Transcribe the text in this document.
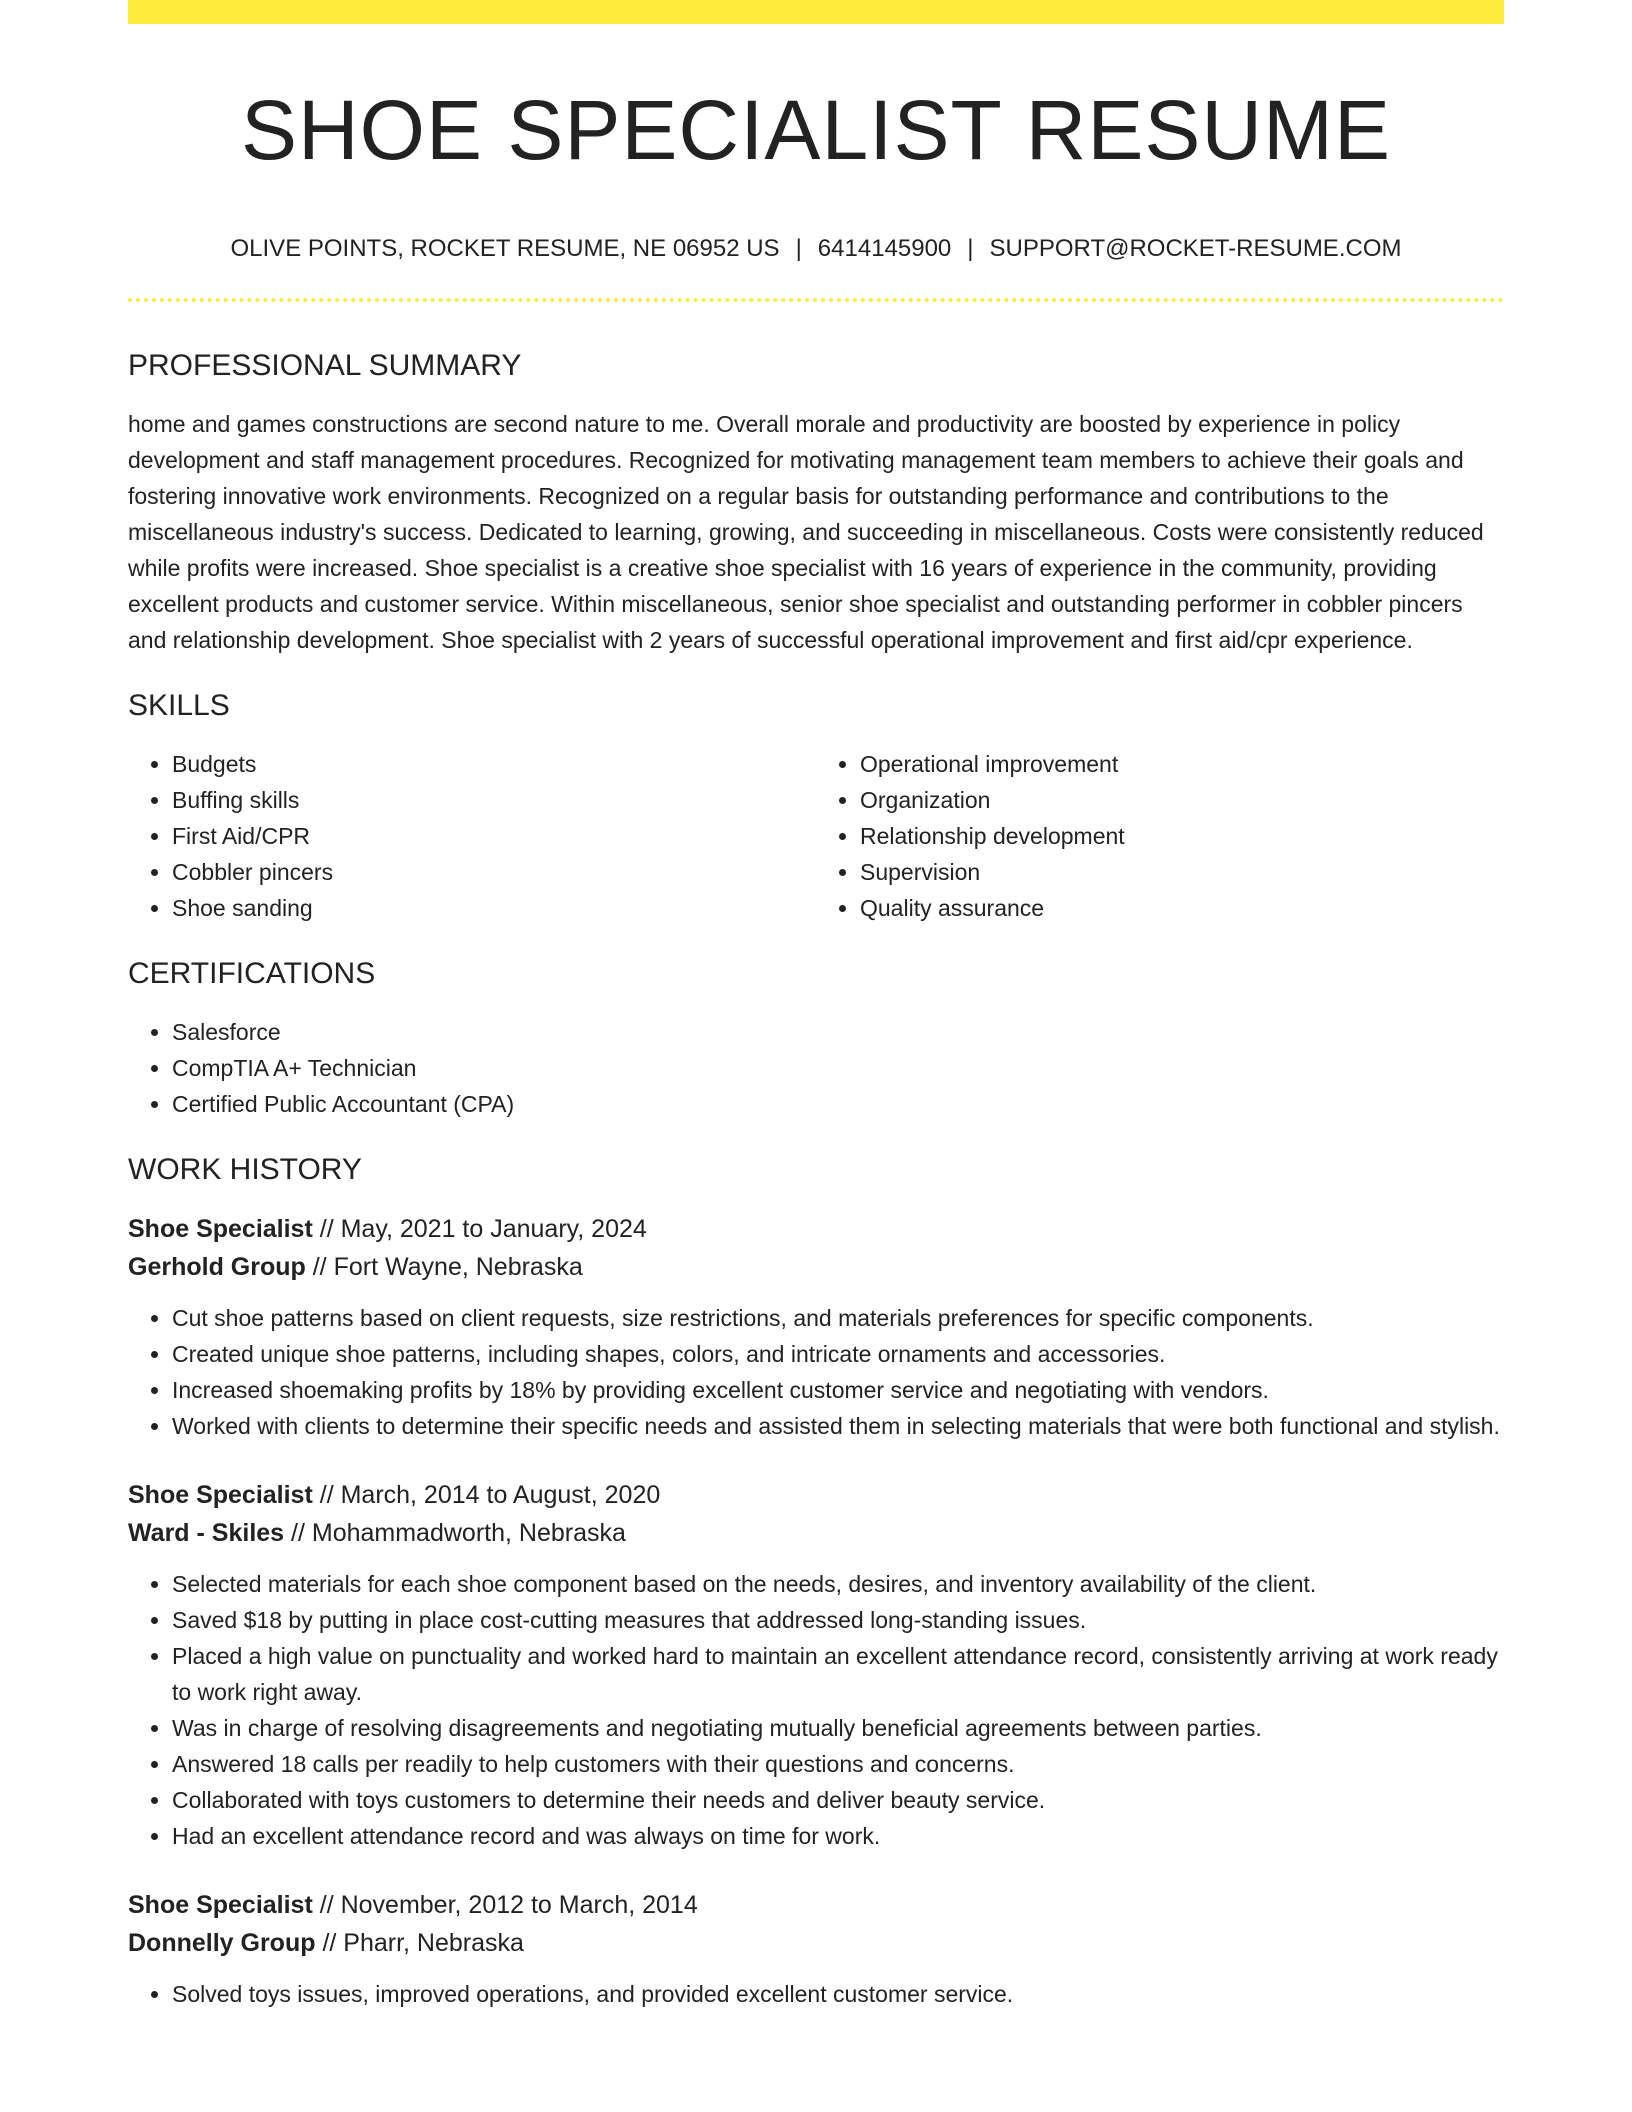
SHOE SPECIALIST RESUME
OLIVE POINTS, ROCKET RESUME, NE 06952 US | 6414145900 | SUPPORT@ROCKET-RESUME.COM
PROFESSIONAL SUMMARY

home and games constructions are second nature to me. Overall morale and productivity are boosted by experience in policy development and staff management procedures. Recognized for motivating management team members to achieve their goals and fostering innovative work environments. Recognized on a regular basis for outstanding performance and contributions to the miscellaneous industry's success. Dedicated to learning, growing, and succeeding in miscellaneous. Costs were consistently reduced while profits were increased. Shoe specialist is a creative shoe specialist with 16 years of experience in the community, providing excellent products and customer service. Within miscellaneous, senior shoe specialist and outstanding performer in cobbler pincers and relationship development. Shoe specialist with 2 years of successful operational improvement and first aid/cpr experience.

SKILLS
• Budgets
• Buffing skills
• First Aid/CPR
• Cobbler pincers
• Shoe sanding
• Operational improvement
• Organization
• Relationship development
• Supervision
• Quality assurance
CERTIFICATIONS
• Salesforce
• CompTIA A+ Technician
• Certified Public Accountant (CPA)
WORK HISTORY
Shoe Specialist // May, 2021 to January, 2024
Gerhold Group // Fort Wayne, Nebraska
• Cut shoe patterns based on client requests, size restrictions, and materials preferences for specific components.
• Created unique shoe patterns, including shapes, colors, and intricate ornaments and accessories.
• Increased shoemaking profits by 18% by providing excellent customer service and negotiating with vendors.
• Worked with clients to determine their specific needs and assisted them in selecting materials that were both functional and stylish.
Shoe Specialist // March, 2014 to August, 2020
Ward - Skiles // Mohammadworth, Nebraska
• Selected materials for each shoe component based on the needs, desires, and inventory availability of the client.
• Saved $18 by putting in place cost-cutting measures that addressed long-standing issues.
• Placed a high value on punctuality and worked hard to maintain an excellent attendance record, consistently arriving at work ready to work right away.
• Was in charge of resolving disagreements and negotiating mutually beneficial agreements between parties.
• Answered 18 calls per readily to help customers with their questions and concerns.
• Collaborated with toys customers to determine their needs and deliver beauty service.
• Had an excellent attendance record and was always on time for work.
Shoe Specialist // November, 2012 to March, 2014
Donnelly Group // Pharr, Nebraska
• Solved toys issues, improved operations, and provided excellent customer service.
